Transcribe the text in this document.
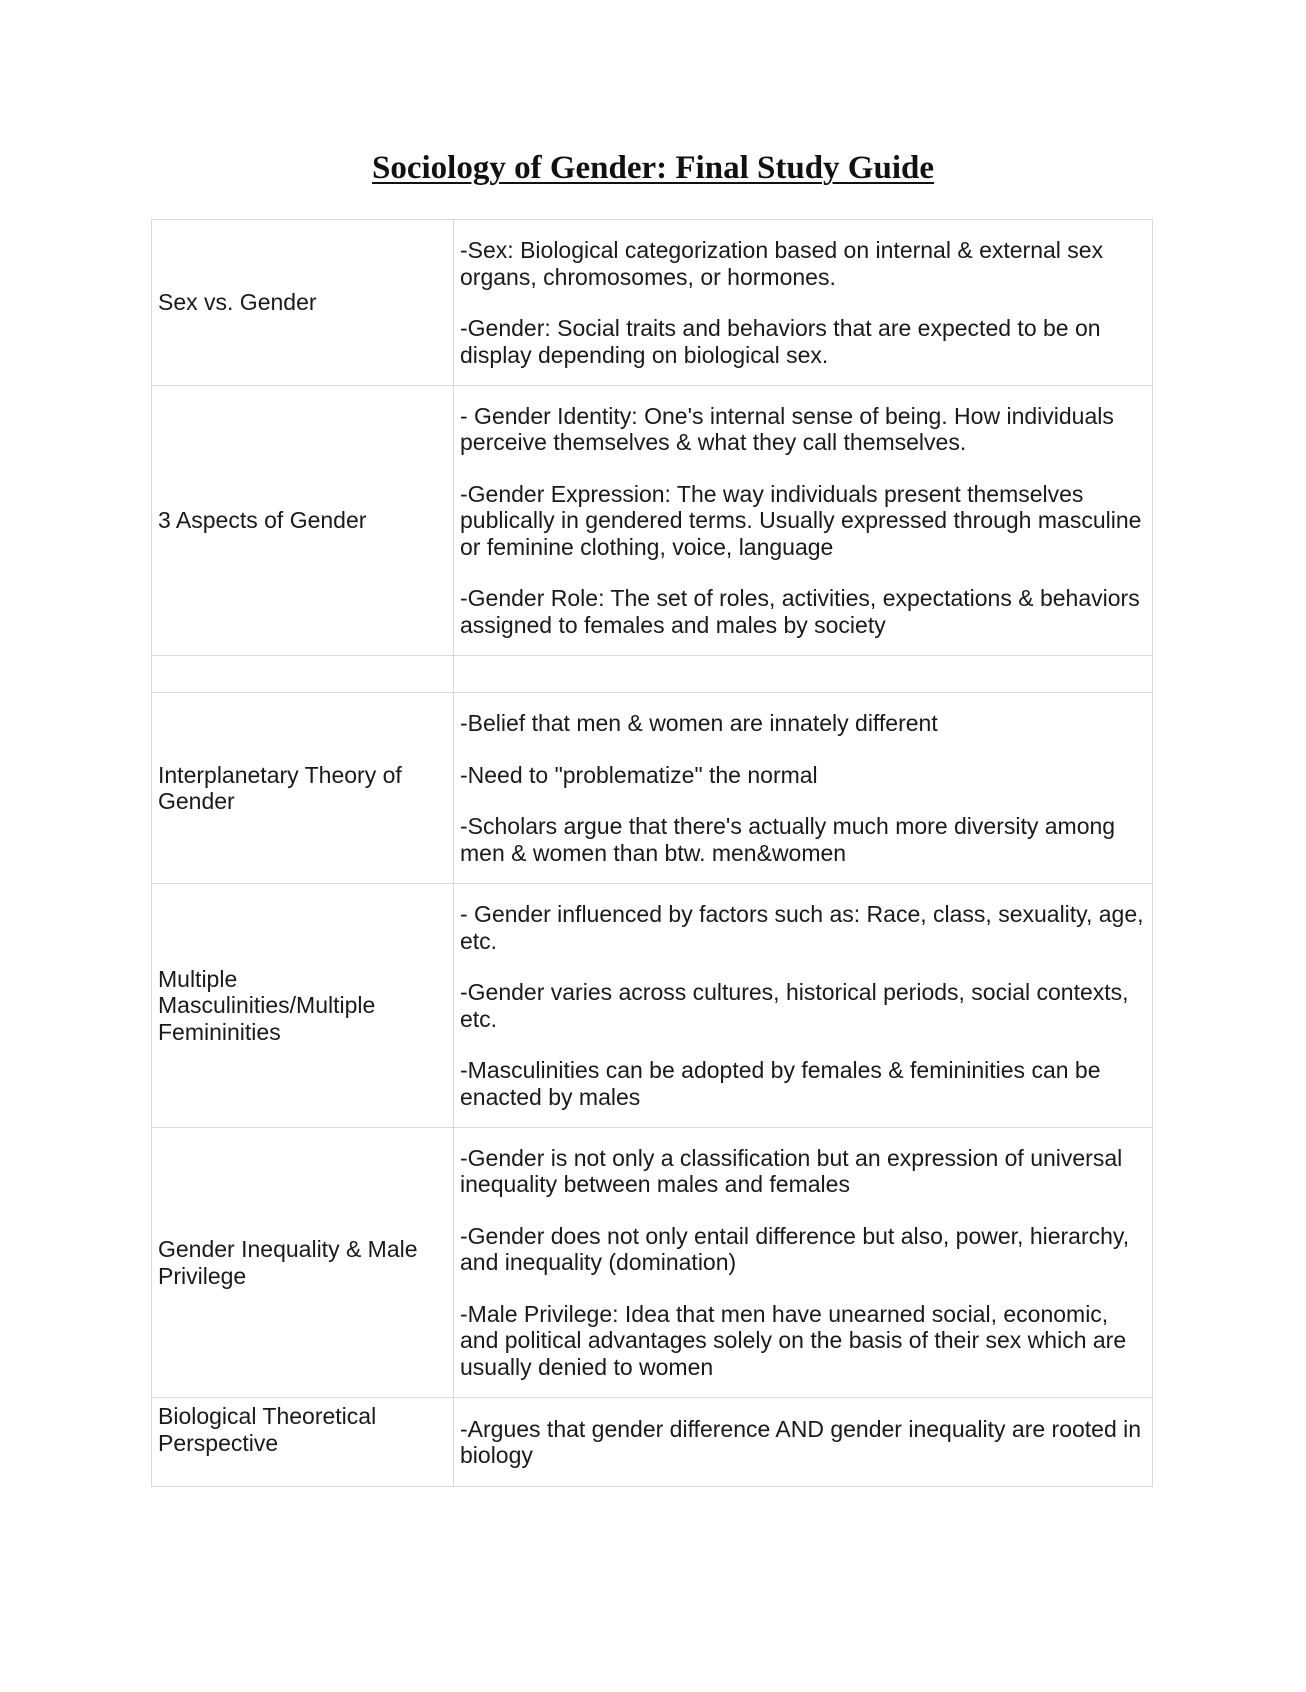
Sociology of Gender: Final Study Guide
Sex vs. Gender	-Sex: Biological categorization based on internal & external sex organs, chromosomes, or hormones.

-Gender: Social traits and behaviors that are expected to be on display depending on biological sex.

3 Aspects of Gender	- Gender Identity: One's internal sense of being. How individuals perceive themselves & what they call themselves.

-Gender Expression: The way individuals present themselves publically in gendered terms. Usually expressed through masculine or feminine clothing, voice, language

-Gender Role: The set of roles, activities, expectations & behaviors assigned to females and males by society

Interplanetary Theory of Gender	-Belief that men & women are innately different

-Need to "problematize" the normal

-Scholars argue that there's actually much more diversity among men & women than btw. men&women

Multiple Masculinities/Multiple Femininities	- Gender influenced by factors such as: Race, class, sexuality, age, etc.

-Gender varies across cultures, historical periods, social contexts, etc.

-Masculinities can be adopted by females & femininities can be enacted by males

Gender Inequality & Male Privilege	-Gender is not only a classification but an expression of universal inequality between males and females

-Gender does not only entail difference but also, power, hierarchy, and inequality (domination)

-Male Privilege: Idea that men have unearned social, economic, and political advantages solely on the basis of their sex which are usually denied to women

Biological Theoretical Perspective	-Argues that gender difference AND gender inequality are rooted in biology
